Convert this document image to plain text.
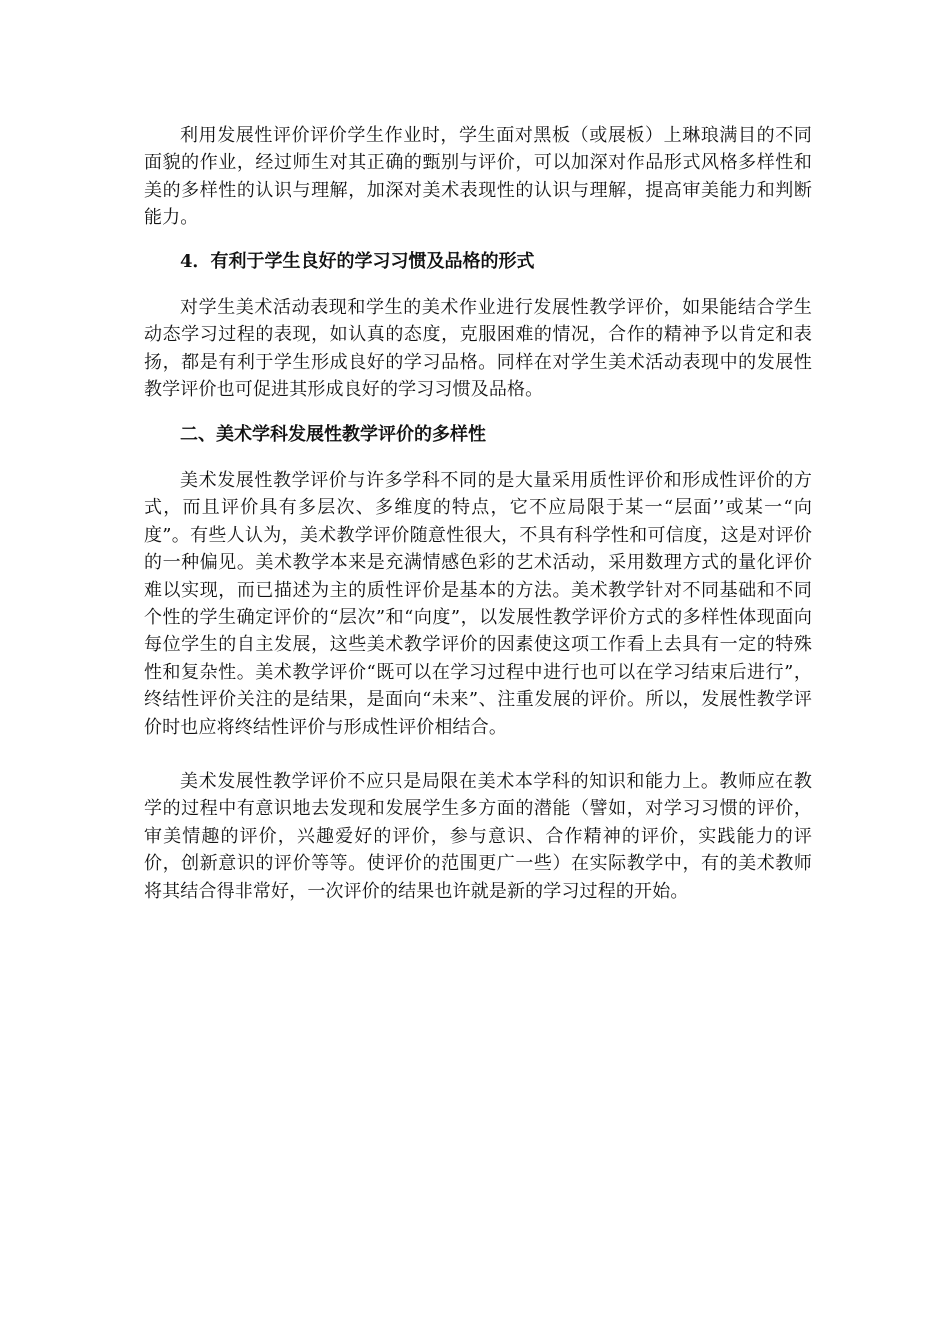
利用发展性评价评价学生作业时，学生面对黑板（或展板）上琳琅满目的不同面貌的作业，经过师生对其正确的甄别与评价，可以加深对作品形式风格多样性和美的多样性的认识与理解，加深对美术表现性的认识与理解，提高审美能力和判断能力。

4．有利于学生良好的学习习惯及品格的形式

对学生美术活动表现和学生的美术作业进行发展性教学评价，如果能结合学生动态学习过程的表现，如认真的态度，克服困难的情况，合作的精神予以肯定和表扬，都是有利于学生形成良好的学习品格。同样在对学生美术活动表现中的发展性教学评价也可促进其形成良好的学习习惯及品格。

二、美术学科发展性教学评价的多样性

美术发展性教学评价与许多学科不同的是大量采用质性评价和形成性评价的方式，而且评价具有多层次、多维度的特点，它不应局限于某一“层面’’或某一“向度”。有些人认为，美术教学评价随意性很大，不具有科学性和可信度，这是对评价的一种偏见。美术教学本来是充满情感色彩的艺术活动，采用数理方式的量化评价难以实现，而已描述为主的质性评价是基本的方法。美术教学针对不同基础和不同个性的学生确定评价的“层次”和“向度”，以发展性教学评价方式的多样性体现面向每位学生的自主发展，这些美术教学评价的因素使这项工作看上去具有一定的特殊性和复杂性。美术教学评价“既可以在学习过程中进行也可以在学习结束后进行”，终结性评价关注的是结果，是面向“未来”、注重发展的评价。所以，发展性教学评价时也应将终结性评价与形成性评价相结合。

美术发展性教学评价不应只是局限在美术本学科的知识和能力上。教师应在教学的过程中有意识地去发现和发展学生多方面的潜能（譬如，对学习习惯的评价，审美情趣的评价，兴趣爱好的评价，参与意识、合作精神的评价，实践能力的评价，创新意识的评价等等。使评价的范围更广一些）在实际教学中，有的美术教师将其结合得非常好，一次评价的结果也许就是新的学习过程的开始。
